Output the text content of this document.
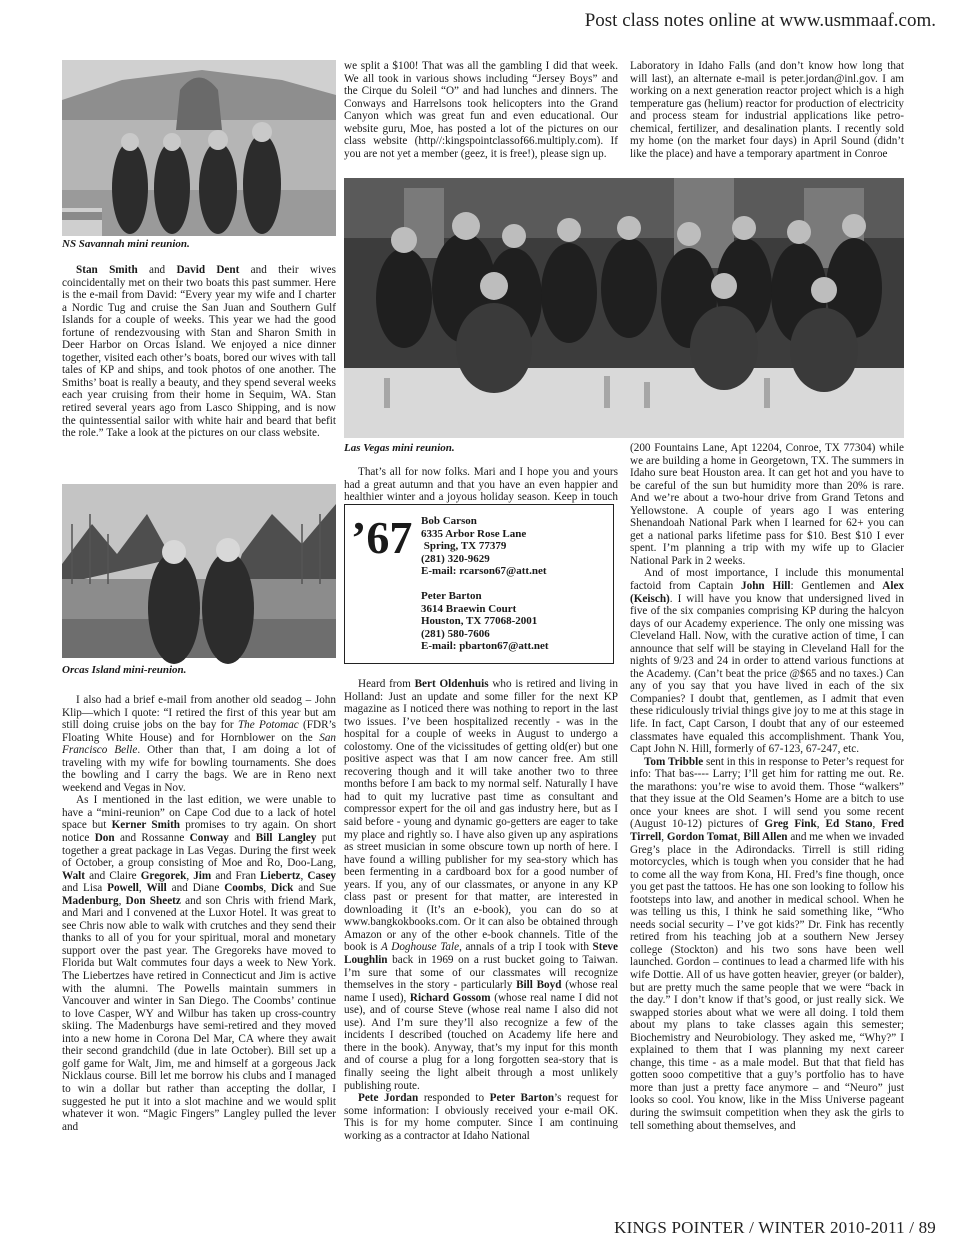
Post class notes online at www.usmmaaf.com.
NS Savannah mini reunion.
Orcas Island mini-reunion.

Stan Smith and David Dent and their wives coincidentally met on their two boats this past summer. Here is the e-mail from David: “Every year my wife and I charter a Nordic Tug and cruise the San Juan and Southern Gulf Islands for a couple of weeks. This year we had the good fortune of rendezvousing with Stan and Sharon Smith in Deer Harbor on Orcas Island. We enjoyed a nice dinner together, visited each other’s boats, bored our wives with tall tales of KP and ships, and took photos of one another. The Smiths’ boat is really a beauty, and they spend several weeks each year cruising from their home in Sequim, WA. Stan retired several years ago from Lasco Shipping, and is now the quintessential sailor with white hair and beard that befit the role.” Take a look at the pictures on our class website.

I also had a brief e-mail from another old seadog – John Klip—which I quote: “I retired the first of this year but am still doing cruise jobs on the bay for The Potomac (FDR’s Floating White House) and for Hornblower on the San Francisco Belle. Other than that, I am doing a lot of traveling with my wife for bowling tournaments. She does the bowling and I carry the bags. We are in Reno next weekend and Vegas in Nov.

As I mentioned in the last edition, we were unable to have a “mini-reunion” on Cape Cod due to a lack of hotel space but Kerner Smith promises to try again. On short notice Don and Rossanne Conway and Bill Langley put together a great package in Las Vegas. During the first week of October, a group consisting of Moe and Ro, Doo-Lang, Walt and Claire Gregorek, Jim and Fran Liebertz, Casey and Lisa Powell, Will and Diane Coombs, Dick and Sue Madenburg, Don Sheetz and son Chris with friend Mark, and Mari and I convened at the Luxor Hotel. It was great to see Chris now able to walk with crutches and they send their thanks to all of you for your spiritual, moral and monetary support over the past year. The Gregoreks have moved to Florida but Walt commutes four days a week to New York. The Liebertzes have retired in Connecticut and Jim is active with the alumni. The Powells maintain summers in Vancouver and winter in San Diego. The Coombs’ continue to love Casper, WY and Wilbur has taken up cross-country skiing. The Madenburgs have semi-retired and they moved into a new home in Corona Del Mar, CA where they await their second grandchild (due in late October). Bill set up a golf game for Walt, Jim, me and himself at a gorgeous Jack Nicklaus course. Bill let me borrow his clubs and I managed to win a dollar but rather than accepting the dollar, I suggested he put it into a slot machine and we would split whatever it won. “Magic Fingers” Langley pulled the lever and

we split a $100! That was all the gambling I did that week. We all took in various shows including “Jersey Boys” and the Cirque du Soleil “O” and had lunches and dinners. The Conways and Harrelsons took helicopters into the Grand Canyon which was great fun and even educational. Our website guru, Moe, has posted a lot of the pictures on our class website (http//:kingspointclassof66.multiply.com). If you are not yet a member (geez, it is free!), please sign up.

Laboratory in Idaho Falls (and don’t know how long that will last), an alternate e-mail is peter.jordan@inl.gov. I am working on a next generation reactor project which is a high temperature gas (helium) reactor for production of electricity and process steam for industrial applications like petro-chemical, fertilizer, and desalination plants. I recently sold my home (on the market four days) in April Sound (didn’t like the place) and have a temporary apartment in Conroe

Las Vegas mini reunion.

That’s all for now folks. Mari and I hope you and yours had a great autumn and that you have an even happier and healthier winter and a joyous holiday season. Keep in touch

’67 Bob Carson
6335 Arbor Rose Lane
Spring, TX 77379
(281) 320-9629
E-mail: rcarson67@att.net
Peter Barton
3614 Braewin Court
Houston, TX 77068-2001
(281) 580-7606
E-mail: pbarton67@att.net

Heard from Bert Oldenhuis who is retired and living in Holland: Just an update and some filler for the next KP magazine as I noticed there was nothing to report in the last two issues. I’ve been hospitalized recently - was in the hospital for a couple of weeks in August to undergo a colostomy. One of the vicissitudes of getting old(er) but one positive aspect was that I am now cancer free. Am still recovering though and it will take another two to three months before I am back to my normal self. Naturally I have had to quit my lucrative past time as consultant and compressor expert for the oil and gas industry here, but as I said before - young and dynamic go-getters are eager to take my place and rightly so. I have also given up any aspirations as street musician in some obscure town up north of here. I have found a willing publisher for my sea-story which has been fermenting in a cardboard box for a good number of years. If you, any of our classmates, or anyone in any KP class past or present for that matter, are interested in downloading it (It’s an e-book), you can do so at www.bangkokbooks.com. Or it can also be obtained through Amazon or any of the other e-book channels. Title of the book is A Doghouse Tale, annals of a trip I took with Steve Loughlin back in 1969 on a rust bucket going to Taiwan. I’m sure that some of our classmates will recognize themselves in the story - particularly Bill Boyd (whose real name I used), Richard Gossom (whose real name I did not use), and of course Steve (whose real name I also did not use). And I’m sure they’ll also recognize a few of the incidents I described (touched on Academy life here and there in the book). Anyway, that’s my input for this month and of course a plug for a long forgotten sea-story that is finally seeing the light albeit through a most unlikely publishing route.

Pete Jordan responded to Peter Barton’s request for some information: I obviously received your e-mail OK. This is for my home computer. Since I am continuing working as a contractor at Idaho National

(200 Fountains Lane, Apt 12204, Conroe, TX 77304) while we are building a home in Georgetown, TX. The summers in Idaho sure beat Houston area. It can get hot and you have to be careful of the sun but humidity more than 20% is rare. And we’re about a two-hour drive from Grand Tetons and Yellowstone. A couple of years ago I was entering Shenandoah National Park when I learned for 62+ you can get a national parks lifetime pass for $10. Best $10 I ever spent. I’m planning a trip with my wife up to Glacier National Park in 2 weeks.

And of most importance, I include this monumental factoid from Captain John Hill: Gentlemen and Alex (Keisch). I will have you know that undersigned lived in five of the six companies comprising KP during the halcyon days of our Academy experience. The only one missing was Cleveland Hall. Now, with the curative action of time, I can announce that self will be staying in Cleveland Hall for the nights of 9/23 and 24 in order to attend various functions at the Academy. (Can’t beat the price @$65 and no taxes.) Can any of you say that you have lived in each of the six Companies? I doubt that, gentlemen, as I admit that even these ridiculously trivial things give joy to me at this stage in life. In fact, Capt Carson, I doubt that any of our esteemed classmates have equaled this accomplishment. Thank You, Capt John N. Hill, formerly of 67-123, 67-247, etc.

Tom Tribble sent in this in response to Peter’s request for info: That bas---- Larry; I’ll get him for ratting me out. Re. the marathons: you’re wise to avoid them. Those “walkers” that they issue at the Old Seamen’s Home are a bitch to use once your knees are shot. I will send you some recent (August 10-12) pictures of Greg Fink, Ed Stano, Fred Tirrell, Gordon Tomat, Bill Allen and me when we invaded Greg’s place in the Adirondacks. Tirrell is still riding motorcycles, which is tough when you consider that he had to come all the way from Kona, HI. Fred’s fine though, once you get past the tattoos. He has one son looking to follow his footsteps into law, and another in medical school. When he was telling us this, I think he said something like, “Who needs social security – I’ve got kids?” Dr. Fink has recently retired from his teaching job at a southern New Jersey college (Stockton) and his two sons have been well launched. Gordon – continues to lead a charmed life with his wife Dottie. All of us have gotten heavier, greyer (or balder), but are pretty much the same people that we were “back in the day.” I don’t know if that’s good, or just really sick. We swapped stories about what we were all doing. I told them about my plans to take classes again this semester; Biochemistry and Neurobiology. They asked me, “Why?” I explained to them that I was planning my next career change, this time - as a male model. But that that field has gotten sooo competitive that a guy’s portfolio has to have more than just a pretty face anymore – and “Neuro” just looks so cool. You know, like in the Miss Universe pageant during the swimsuit competition when they ask the girls to tell something about themselves, and

KINGS POINTER / WINTER 2010-2011 / 89
